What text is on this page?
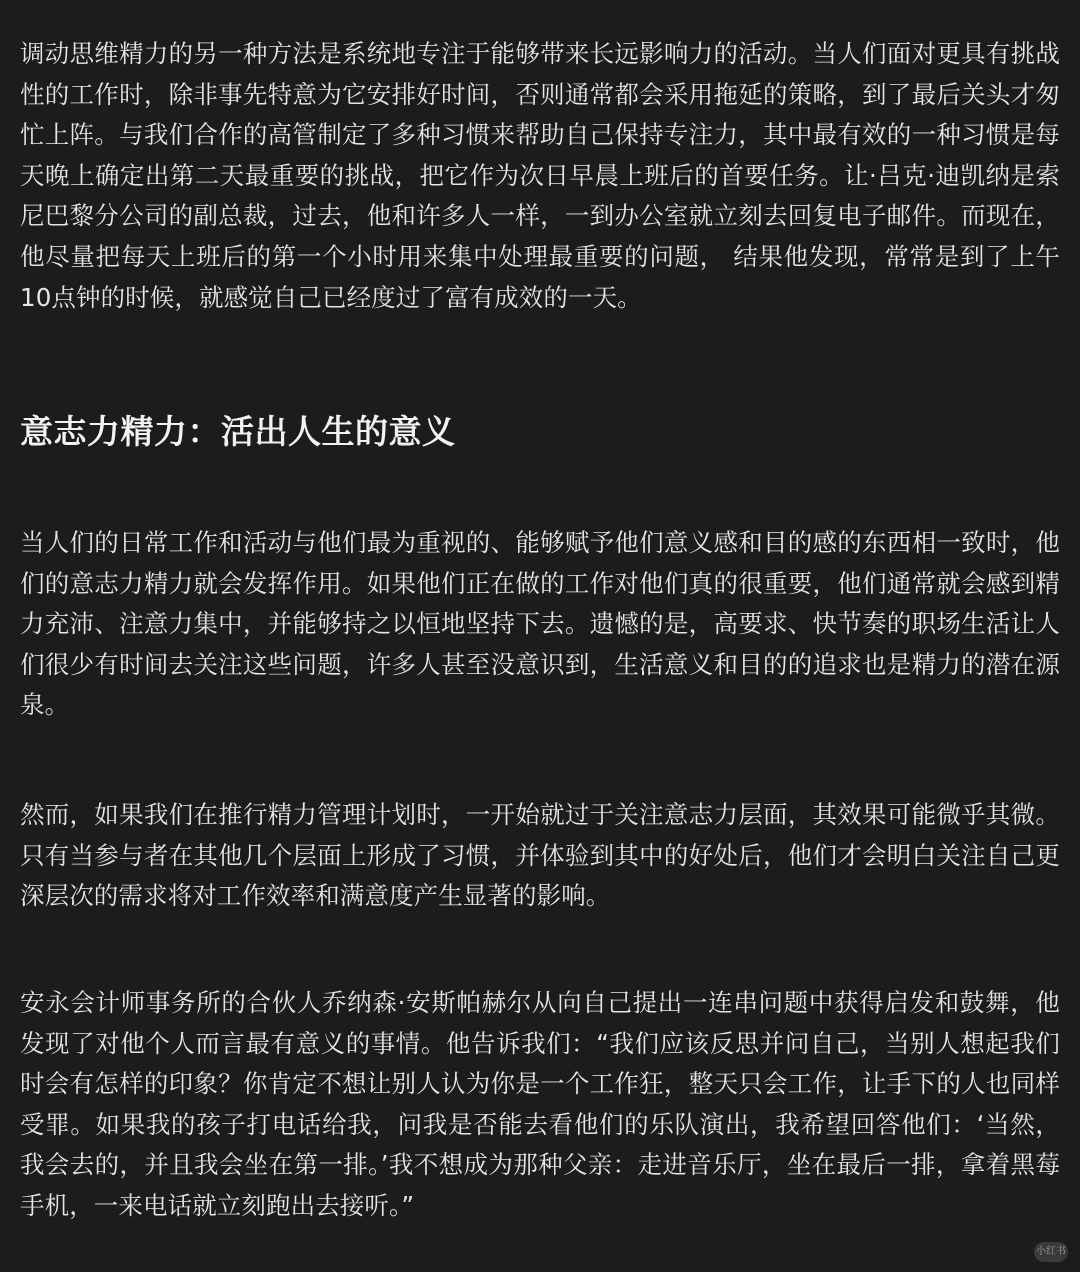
调动思维精力的另一种方法是系统地专注于能够带来长远影响力的活动。当人们面对更具有挑战性的工作时，除非事先特意为它安排好时间，否则通常都会采用拖延的策略，到了最后关头才匆忙上阵。与我们合作的高管制定了多种习惯来帮助自己保持专注力，其中最有效的一种习惯是每天晚上确定出第二天最重要的挑战，把它作为次日早晨上班后的首要任务。让·吕克·迪凯纳是索尼巴黎分公司的副总裁，过去，他和许多人一样，一到办公室就立刻去回复电子邮件。而现在，他尽量把每天上班后的第一个小时用来集中处理最重要的问题， 结果他发现，常常是到了上午10点钟的时候，就感觉自己已经度过了富有成效的一天。

意志力精力：活出人生的意义

当人们的日常工作和活动与他们最为重视的、能够赋予他们意义感和目的感的东西相一致时，他们的意志力精力就会发挥作用。如果他们正在做的工作对他们真的很重要，他们通常就会感到精力充沛、注意力集中，并能够持之以恒地坚持下去。遗憾的是，高要求、快节奏的职场生活让人们很少有时间去关注这些问题，许多人甚至没意识到，生活意义和目的的追求也是精力的潜在源泉。

然而，如果我们在推行精力管理计划时，一开始就过于关注意志力层面，其效果可能微乎其微。只有当参与者在其他几个层面上形成了习惯，并体验到其中的好处后，他们才会明白关注自己更深层次的需求将对工作效率和满意度产生显著的影响。

安永会计师事务所的合伙人乔纳森·安斯帕赫尔从向自己提出一连串问题中获得启发和鼓舞，他发现了对他个人而言最有意义的事情。他告诉我们：“我们应该反思并问自己，当别人想起我们时会有怎样的印象？你肯定不想让别人认为你是一个工作狂，整天只会工作，让手下的人也同样受罪。如果我的孩子打电话给我，问我是否能去看他们的乐队演出，我希望回答他们：‘当然，我会去的，并且我会坐在第一排。’我不想成为那种父亲：走进音乐厅，坐在最后一排，拿着黑莓手机，一来电话就立刻跑出去接听。”

小红书
